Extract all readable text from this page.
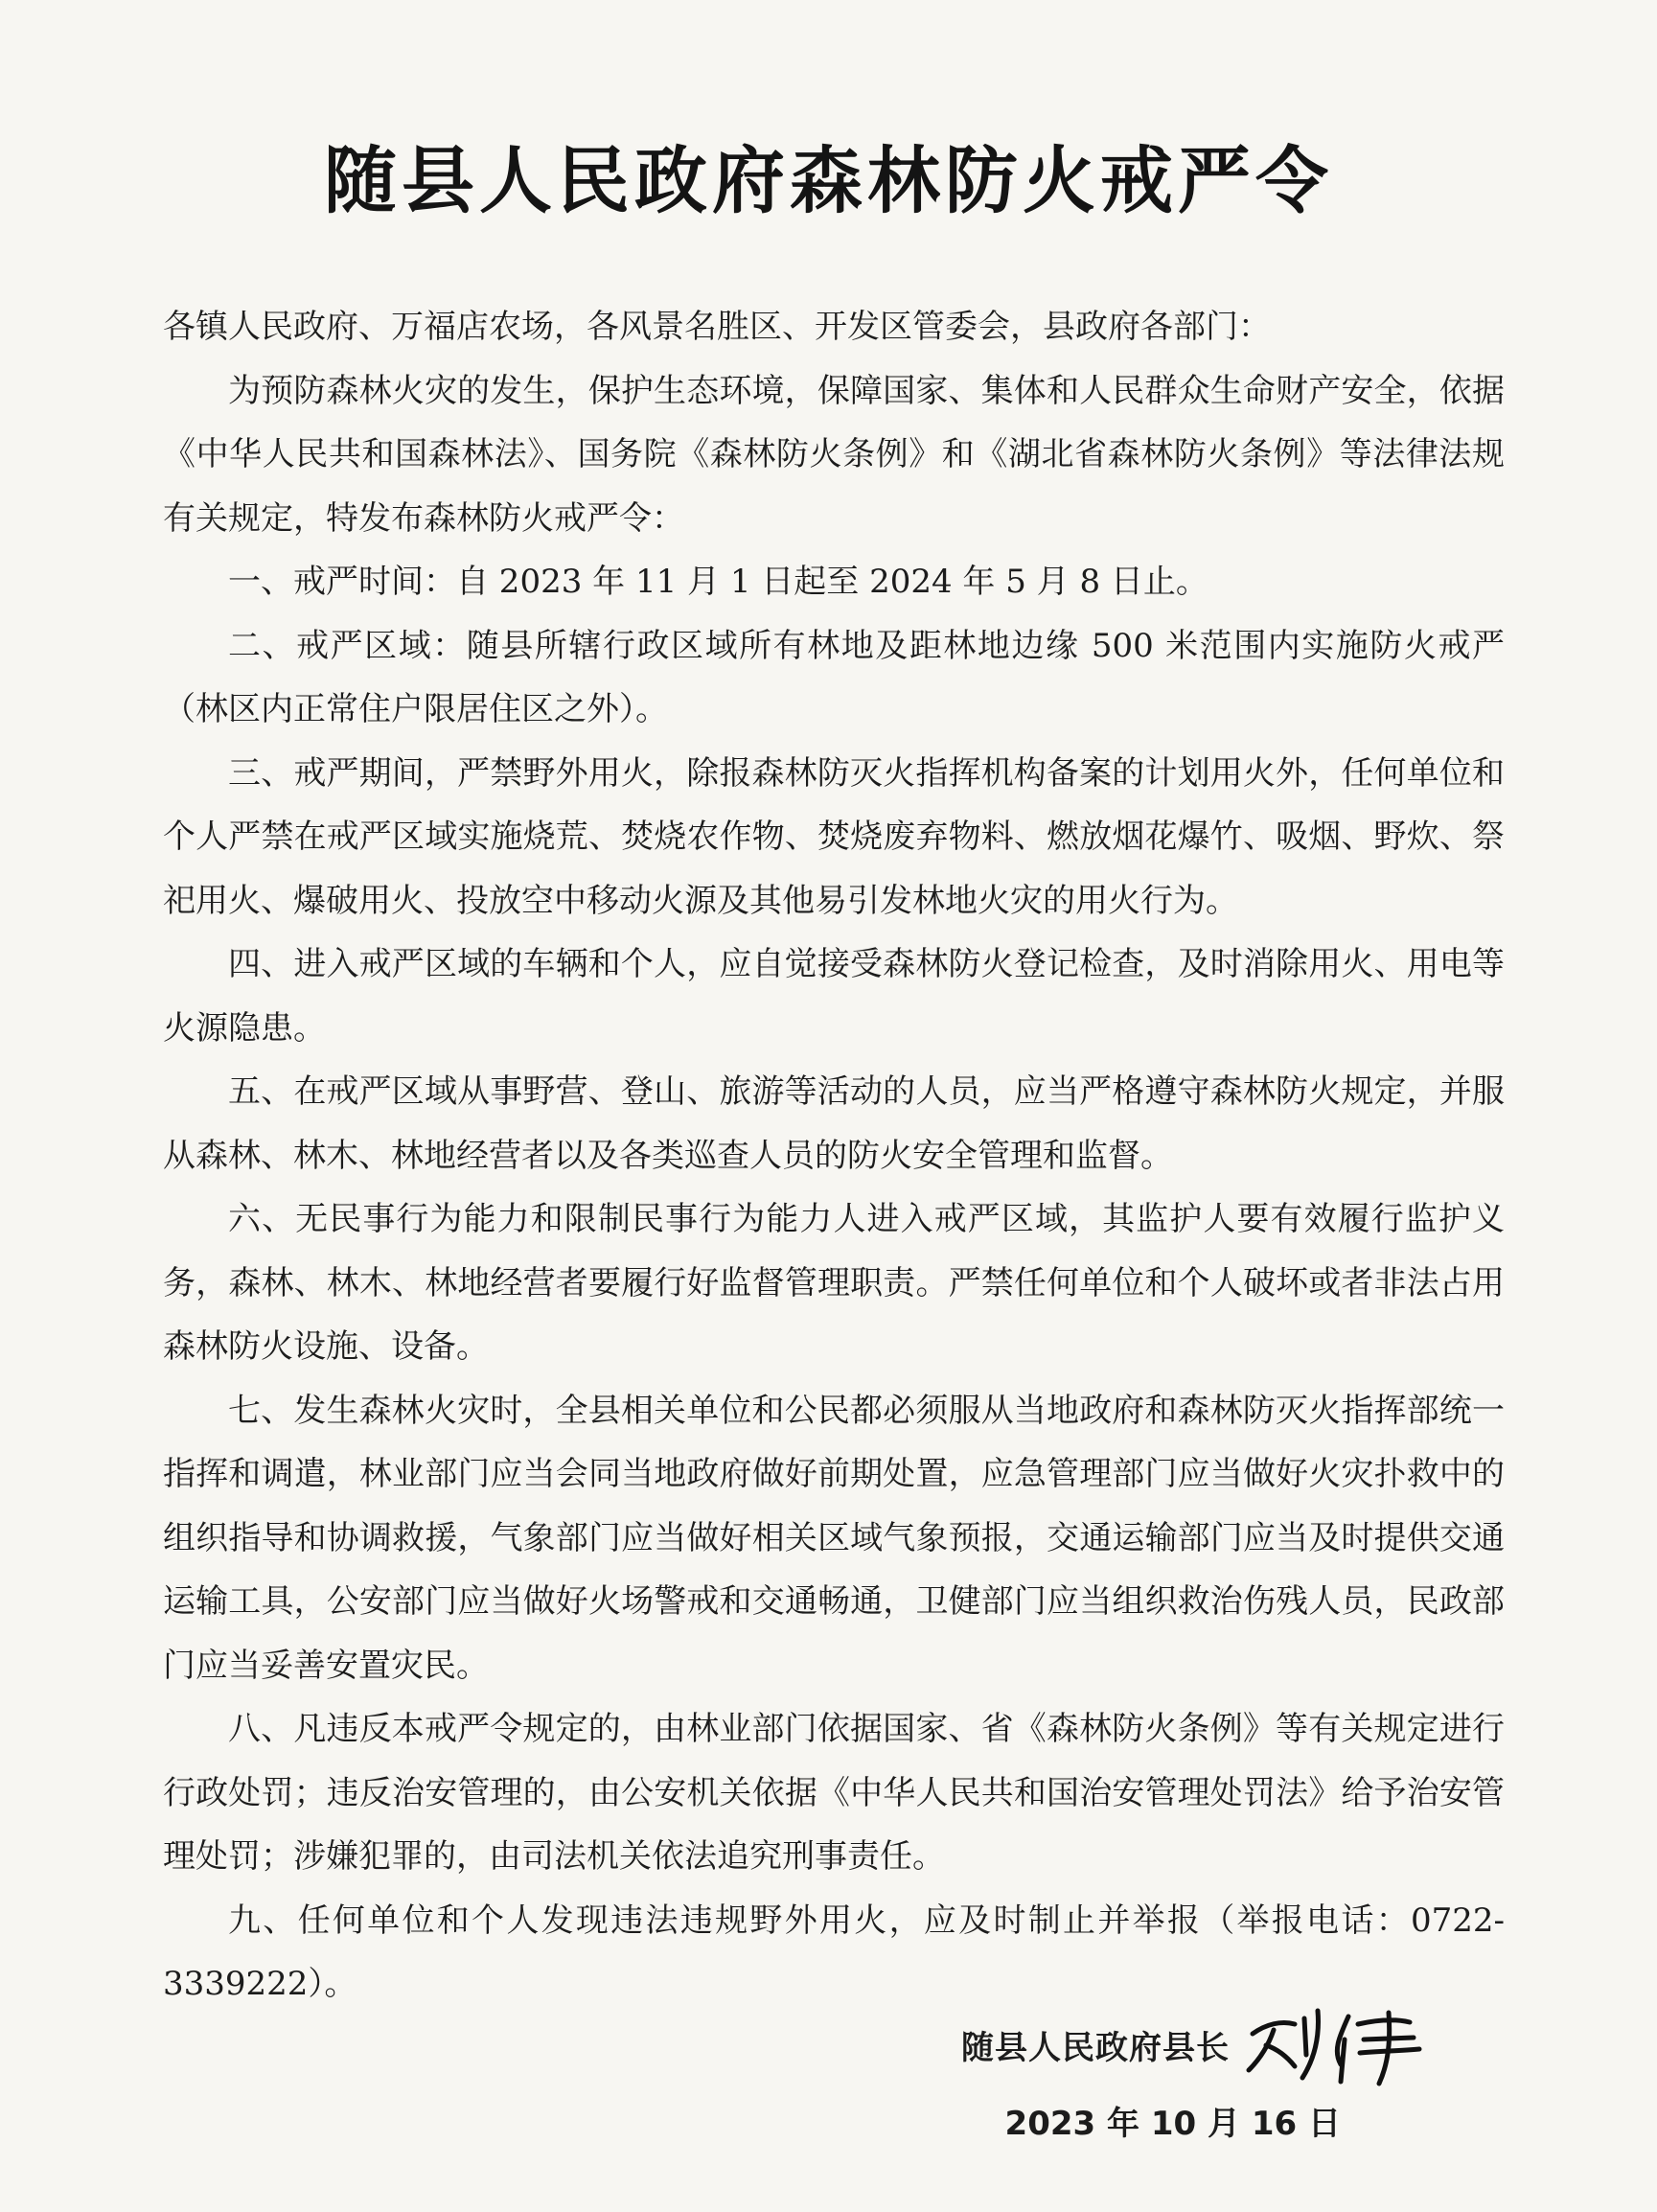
随县人民政府森林防火戒严令

各镇人民政府、万福店农场，各风景名胜区、开发区管委会，县政府各部门：

为预防森林火灾的发生，保护生态环境，保障国家、集体和人民群众生命财产安全，依据《中华人民共和国森林法》、国务院《森林防火条例》和《湖北省森林防火条例》等法律法规有关规定，特发布森林防火戒严令：

一、戒严时间：自 2023 年 11 月 1 日起至 2024 年 5 月 8 日止。

二、戒严区域：随县所辖行政区域所有林地及距林地边缘 500 米范围内实施防火戒严（林区内正常住户限居住区之外）。

三、戒严期间，严禁野外用火，除报森林防灭火指挥机构备案的计划用火外，任何单位和个人严禁在戒严区域实施烧荒、焚烧农作物、焚烧废弃物料、燃放烟花爆竹、吸烟、野炊、祭祀用火、爆破用火、投放空中移动火源及其他易引发林地火灾的用火行为。

四、进入戒严区域的车辆和个人，应自觉接受森林防火登记检查，及时消除用火、用电等火源隐患。

五、在戒严区域从事野营、登山、旅游等活动的人员，应当严格遵守森林防火规定，并服从森林、林木、林地经营者以及各类巡查人员的防火安全管理和监督。

六、无民事行为能力和限制民事行为能力人进入戒严区域，其监护人要有效履行监护义务，森林、林木、林地经营者要履行好监督管理职责。严禁任何单位和个人破坏或者非法占用森林防火设施、设备。

七、发生森林火灾时，全县相关单位和公民都必须服从当地政府和森林防灭火指挥部统一指挥和调遣，林业部门应当会同当地政府做好前期处置，应急管理部门应当做好火灾扑救中的组织指导和协调救援，气象部门应当做好相关区域气象预报，交通运输部门应当及时提供交通运输工具，公安部门应当做好火场警戒和交通畅通，卫健部门应当组织救治伤残人员，民政部门应当妥善安置灾民。

八、凡违反本戒严令规定的，由林业部门依据国家、省《森林防火条例》等有关规定进行行政处罚；违反治安管理的，由公安机关依据《中华人民共和国治安管理处罚法》给予治安管理处罚；涉嫌犯罪的，由司法机关依法追究刑事责任。

九、任何单位和个人发现违法违规野外用火，应及时制止并举报（举报电话：0722-3339222）。

随县人民政府县长
2023 年 10 月 16 日
